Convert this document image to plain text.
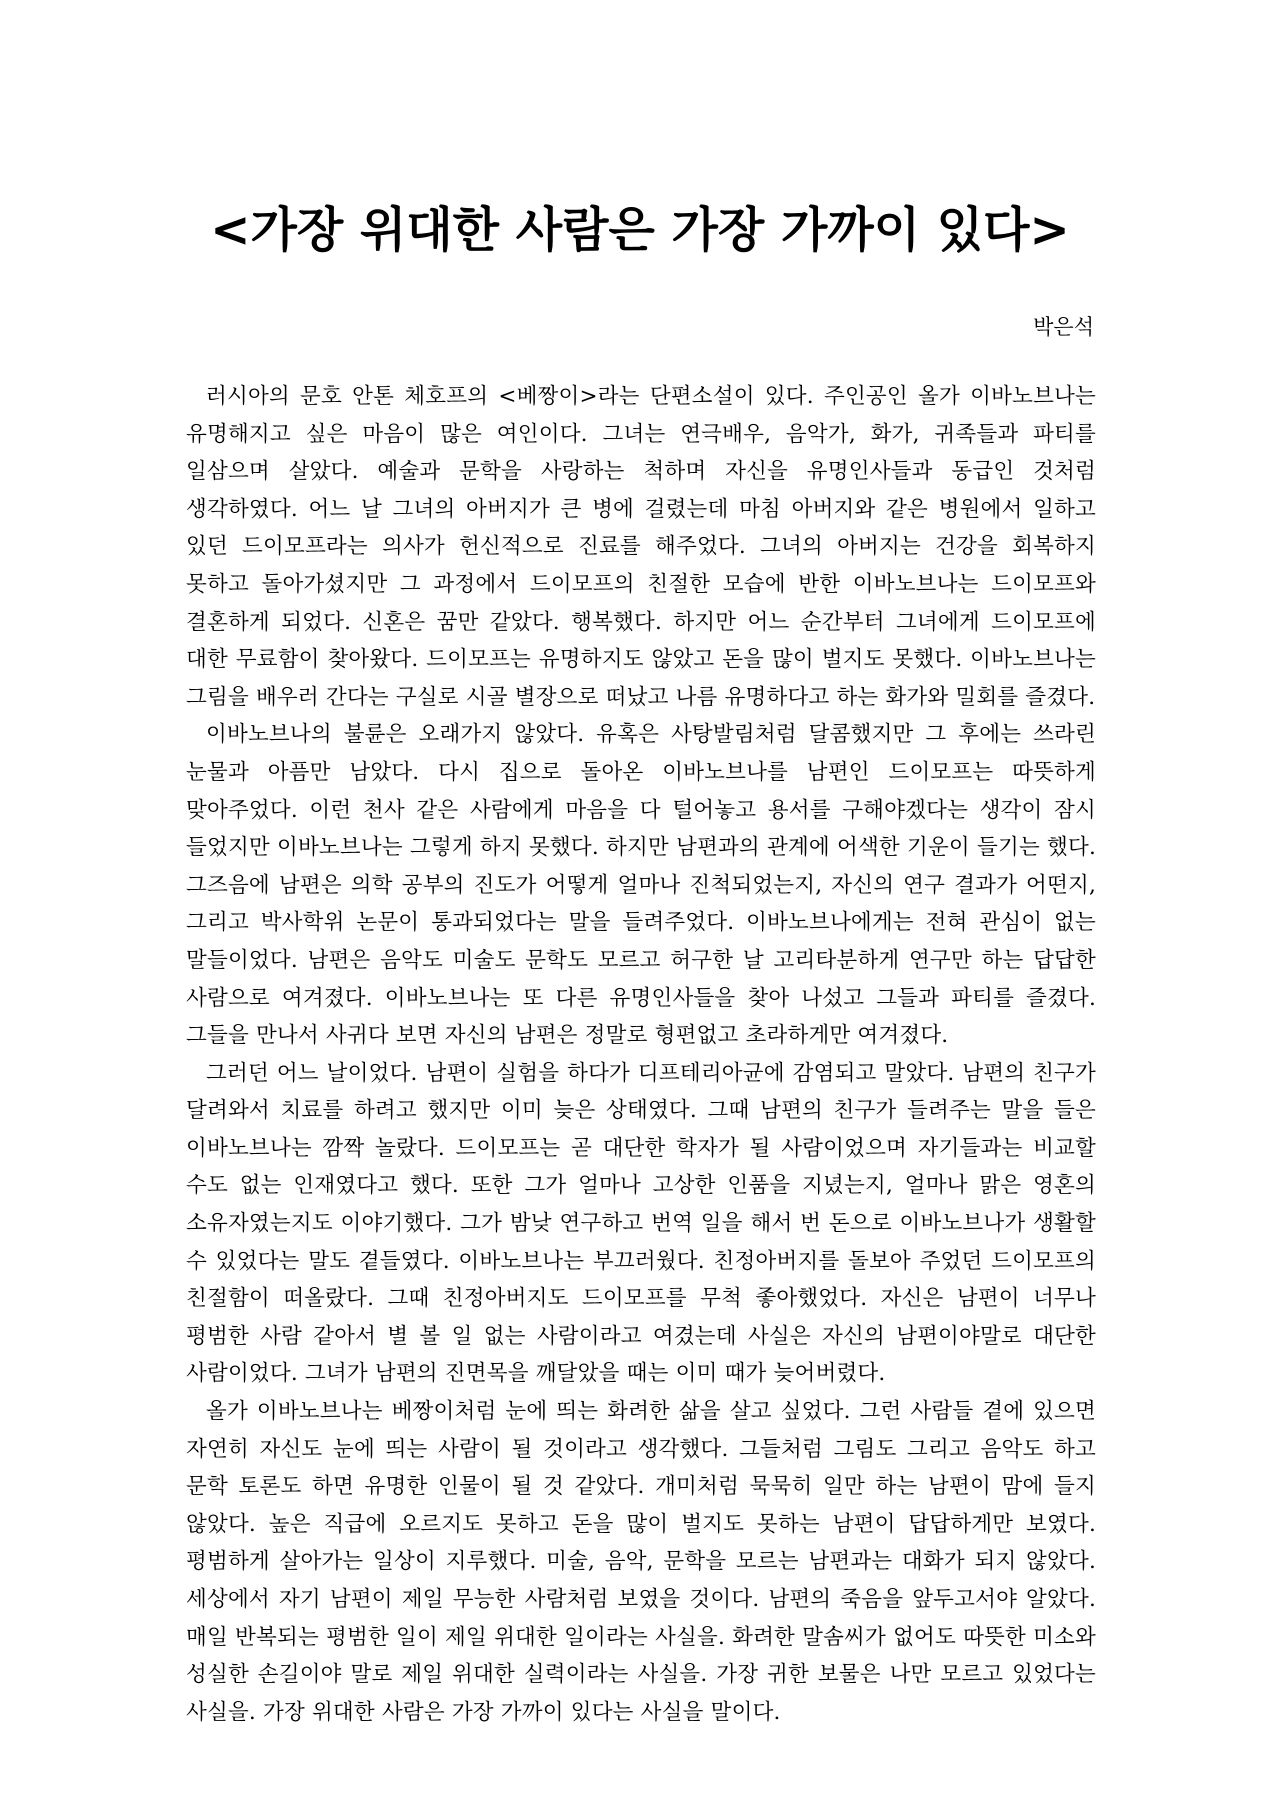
<가장 위대한 사람은 가장 가까이 있다>

박은석

러시아의 문호 안톤 체호프의 <베짱이>라는 단편소설이 있다. 주인공인 올가 이바노브나는 유명해지고 싶은 마음이 많은 여인이다. 그녀는 연극배우, 음악가, 화가, 귀족들과 파티를 일삼으며 살았다. 예술과 문학을 사랑하는 척하며 자신을 유명인사들과 동급인 것처럼 생각하였다. 어느 날 그녀의 아버지가 큰 병에 걸렸는데 마침 아버지와 같은 병원에서 일하고 있던 드이모프라는 의사가 헌신적으로 진료를 해주었다. 그녀의 아버지는 건강을 회복하지 못하고 돌아가셨지만 그 과정에서 드이모프의 친절한 모습에 반한 이바노브나는 드이모프와 결혼하게 되었다. 신혼은 꿈만 같았다. 행복했다. 하지만 어느 순간부터 그녀에게 드이모프에 대한 무료함이 찾아왔다. 드이모프는 유명하지도 않았고 돈을 많이 벌지도 못했다. 이바노브나는 그림을 배우러 간다는 구실로 시골 별장으로 떠났고 나름 유명하다고 하는 화가와 밀회를 즐겼다.

이바노브나의 불륜은 오래가지 않았다. 유혹은 사탕발림처럼 달콤했지만 그 후에는 쓰라린 눈물과 아픔만 남았다. 다시 집으로 돌아온 이바노브나를 남편인 드이모프는 따뜻하게 맞아주었다. 이런 천사 같은 사람에게 마음을 다 털어놓고 용서를 구해야겠다는 생각이 잠시 들었지만 이바노브나는 그렇게 하지 못했다. 하지만 남편과의 관계에 어색한 기운이 들기는 했다. 그즈음에 남편은 의학 공부의 진도가 어떻게 얼마나 진척되었는지, 자신의 연구 결과가 어떤지, 그리고 박사학위 논문이 통과되었다는 말을 들려주었다. 이바노브나에게는 전혀 관심이 없는 말들이었다. 남편은 음악도 미술도 문학도 모르고 허구한 날 고리타분하게 연구만 하는 답답한 사람으로 여겨졌다. 이바노브나는 또 다른 유명인사들을 찾아 나섰고 그들과 파티를 즐겼다. 그들을 만나서 사귀다 보면 자신의 남편은 정말로 형편없고 초라하게만 여겨졌다.

그러던 어느 날이었다. 남편이 실험을 하다가 디프테리아균에 감염되고 말았다. 남편의 친구가 달려와서 치료를 하려고 했지만 이미 늦은 상태였다. 그때 남편의 친구가 들려주는 말을 들은 이바노브나는 깜짝 놀랐다. 드이모프는 곧 대단한 학자가 될 사람이었으며 자기들과는 비교할 수도 없는 인재였다고 했다. 또한 그가 얼마나 고상한 인품을 지녔는지, 얼마나 맑은 영혼의 소유자였는지도 이야기했다. 그가 밤낮 연구하고 번역 일을 해서 번 돈으로 이바노브나가 생활할 수 있었다는 말도 곁들였다. 이바노브나는 부끄러웠다. 친정아버지를 돌보아 주었던 드이모프의 친절함이 떠올랐다. 그때 친정아버지도 드이모프를 무척 좋아했었다. 자신은 남편이 너무나 평범한 사람 같아서 별 볼 일 없는 사람이라고 여겼는데 사실은 자신의 남편이야말로 대단한 사람이었다. 그녀가 남편의 진면목을 깨달았을 때는 이미 때가 늦어버렸다.

올가 이바노브나는 베짱이처럼 눈에 띄는 화려한 삶을 살고 싶었다. 그런 사람들 곁에 있으면 자연히 자신도 눈에 띄는 사람이 될 것이라고 생각했다. 그들처럼 그림도 그리고 음악도 하고 문학 토론도 하면 유명한 인물이 될 것 같았다. 개미처럼 묵묵히 일만 하는 남편이 맘에 들지 않았다. 높은 직급에 오르지도 못하고 돈을 많이 벌지도 못하는 남편이 답답하게만 보였다. 평범하게 살아가는 일상이 지루했다. 미술, 음악, 문학을 모르는 남편과는 대화가 되지 않았다. 세상에서 자기 남편이 제일 무능한 사람처럼 보였을 것이다. 남편의 죽음을 앞두고서야 알았다. 매일 반복되는 평범한 일이 제일 위대한 일이라는 사실을. 화려한 말솜씨가 없어도 따뜻한 미소와 성실한 손길이야 말로 제일 위대한 실력이라는 사실을. 가장 귀한 보물은 나만 모르고 있었다는 사실을. 가장 위대한 사람은 가장 가까이 있다는 사실을 말이다.
